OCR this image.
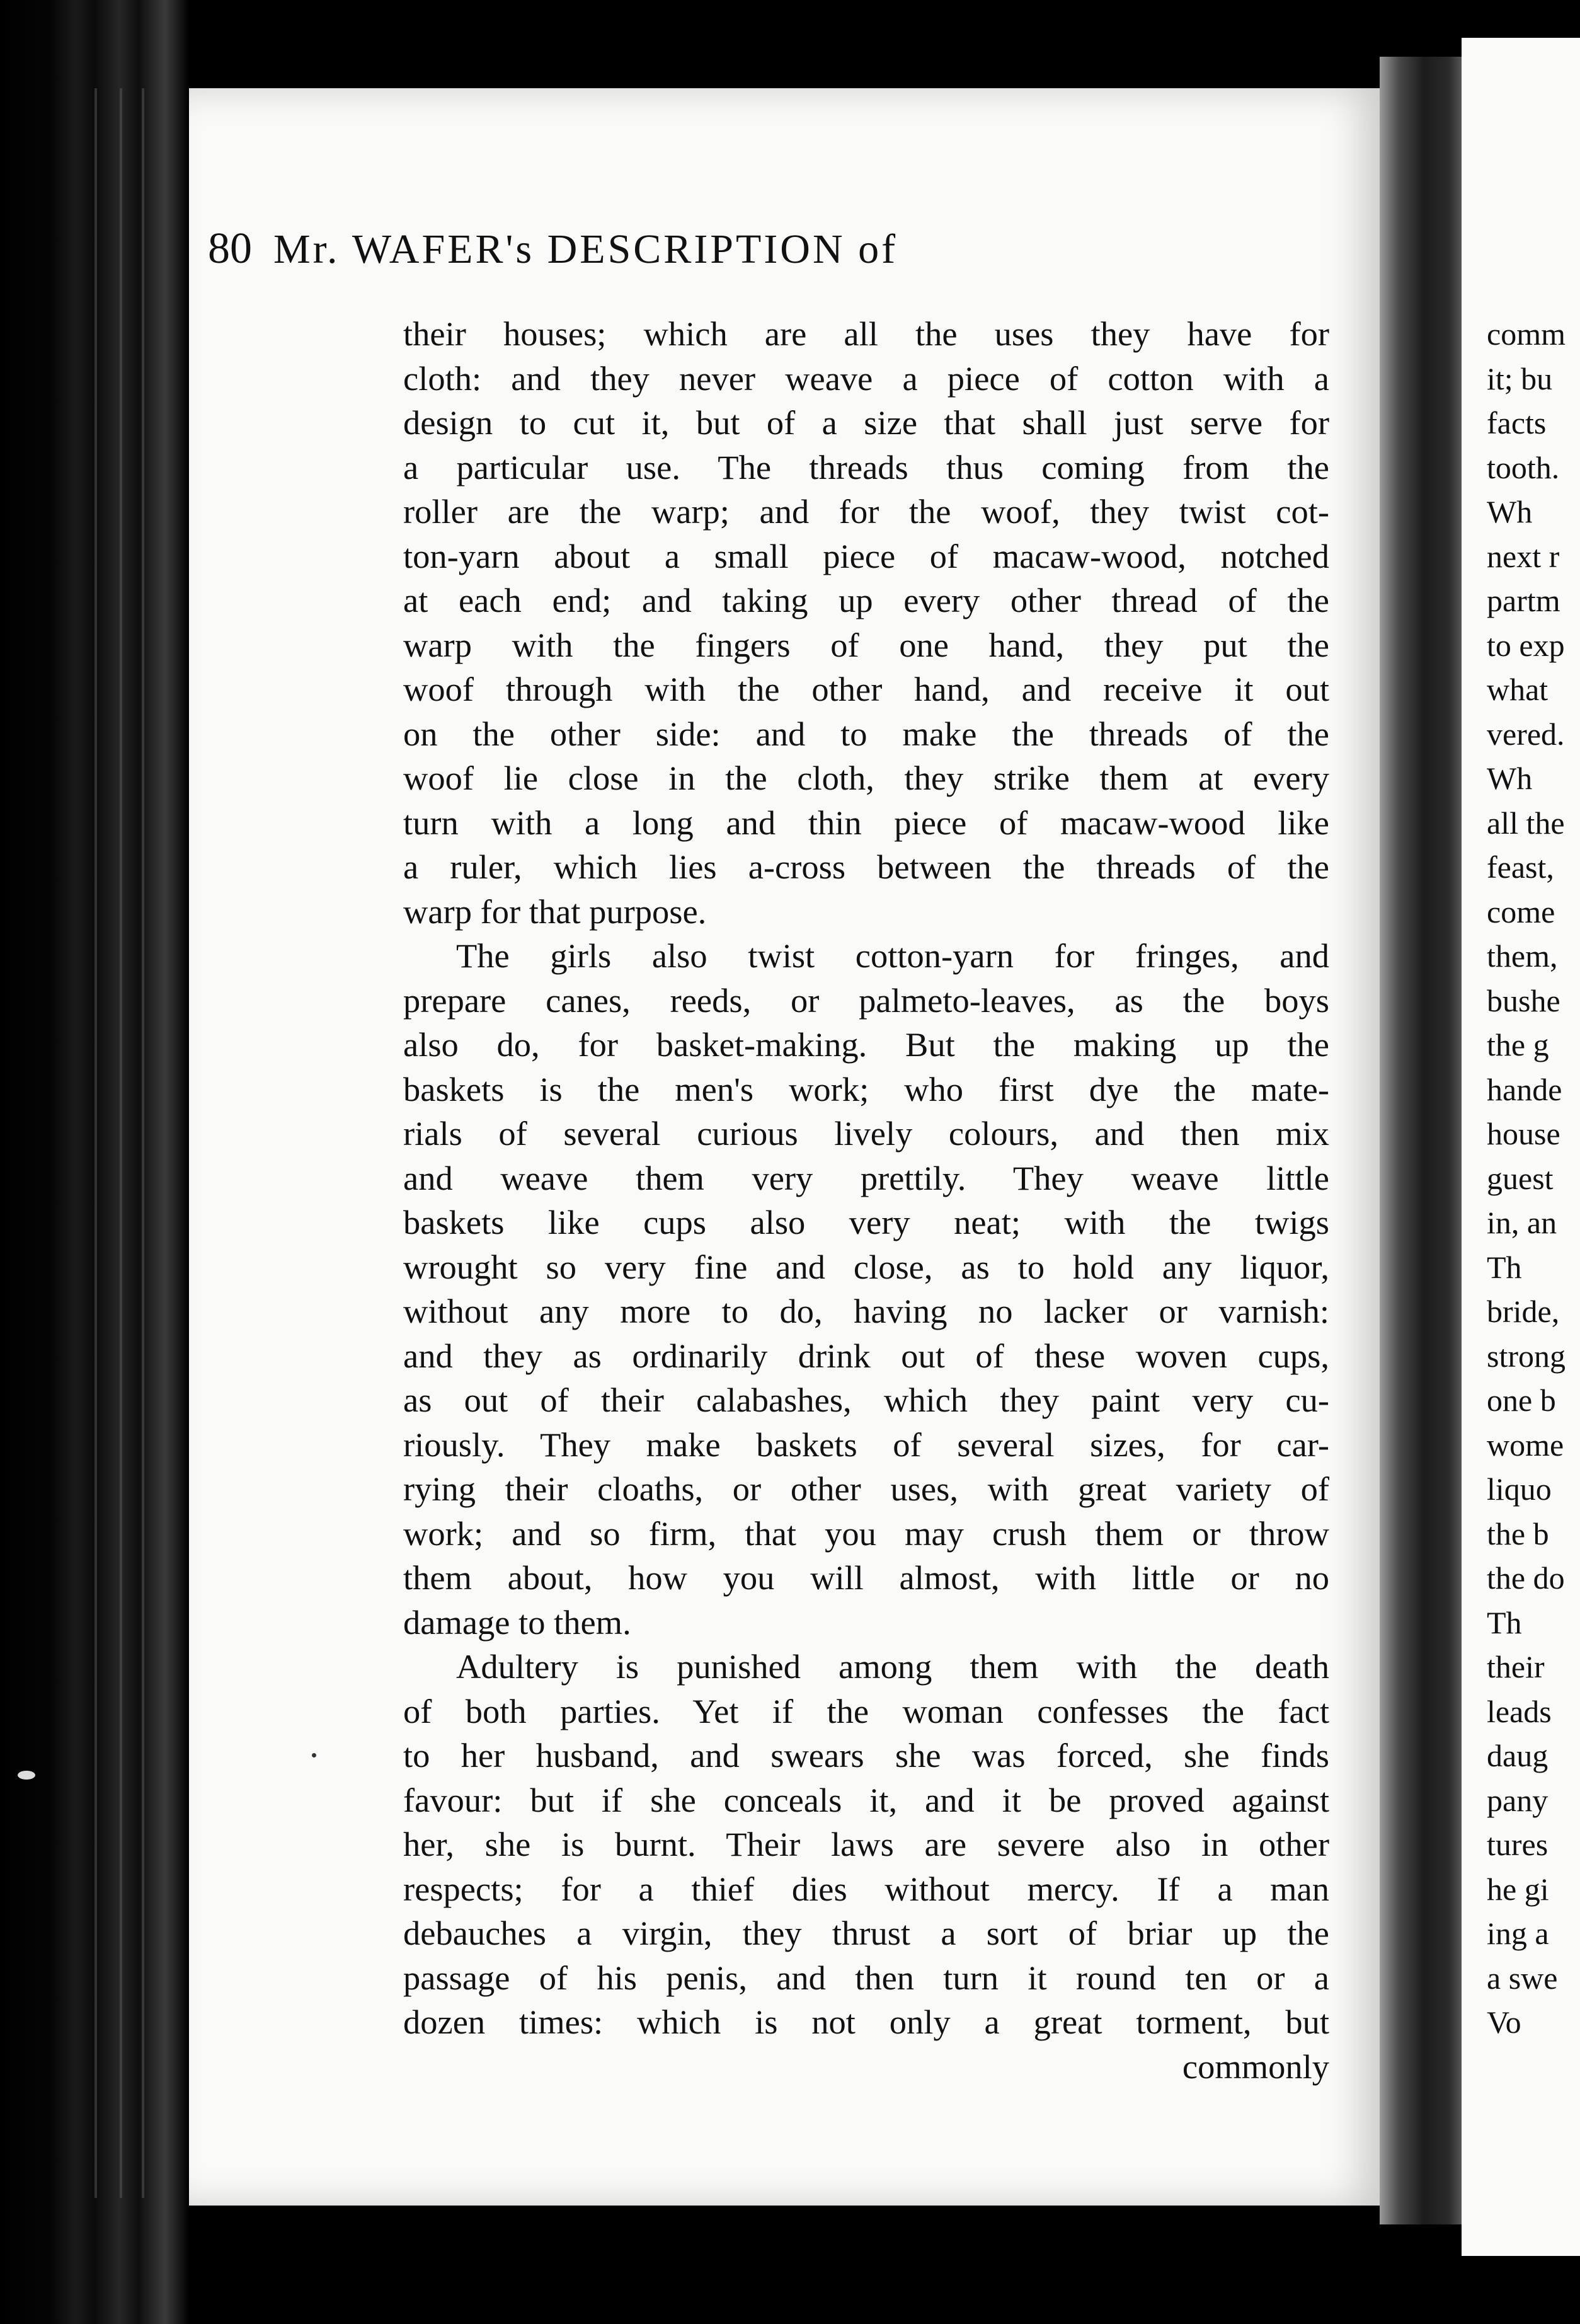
comm
it; bu
facts
tooth.
Wh
next r
partm
to exp
what
vered.
Wh
all the
feast,
come
them,
bushe
the g
hande
house
guest
in, an
Th
bride,
strong
one b
wome
liquo
the b
the do
Th
their
leads
daug
pany
tures
he gi
ing a
a swe
Vo
80 Mr. WAFER's DESCRIPTION of
their houses; which are all the uses they have for
cloth: and they never weave a piece of cotton with a
design to cut it, but of a size that shall just serve for
a particular use. The threads thus coming from the
roller are the warp; and for the woof, they twist cot-
ton-yarn about a small piece of macaw-wood, notched
at each end; and taking up every other thread of the
warp with the fingers of one hand, they put the
woof through with the other hand, and receive it out
on the other side: and to make the threads of the
woof lie close in the cloth, they strike them at every
turn with a long and thin piece of macaw-wood like
a ruler, which lies a-cross between the threads of the
warp for that purpose.
The girls also twist cotton-yarn for fringes, and
prepare canes, reeds, or palmeto-leaves, as the boys
also do, for basket-making. But the making up the
baskets is the men's work; who first dye the mate-
rials of several curious lively colours, and then mix
and weave them very prettily. They weave little
baskets like cups also very neat; with the twigs
wrought so very fine and close, as to hold any liquor,
without any more to do, having no lacker or varnish:
and they as ordinarily drink out of these woven cups,
as out of their calabashes, which they paint very cu-
riously. They make baskets of several sizes, for car-
rying their cloaths, or other uses, with great variety of
work; and so firm, that you may crush them or throw
them about, how you will almost, with little or no
damage to them.
Adultery is punished among them with the death
of both parties. Yet if the woman confesses the fact
to her husband, and swears she was forced, she finds
favour: but if she conceals it, and it be proved against
her, she is burnt. Their laws are severe also in other
respects; for a thief dies without mercy. If a man
debauches a virgin, they thrust a sort of briar up the
passage of his penis, and then turn it round ten or a
dozen times: which is not only a great torment, but
commonly
